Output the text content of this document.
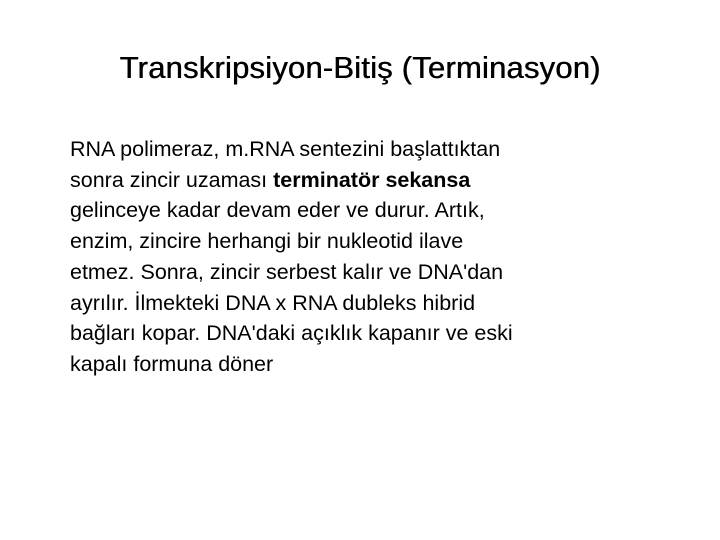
Transkripsiyon-Bitiş (Terminasyon)
RNA polimeraz, m.RNA sentezini başlattıktan
sonra zincir uzaması terminatör sekansa
gelinceye kadar devam eder ve durur. Artık,
enzim, zincire herhangi bir nukleotid ilave
etmez. Sonra, zincir serbest kalır ve DNA'dan
ayrılır. İlmekteki DNA x RNA dubleks hibrid
bağları kopar. DNA'daki açıklık kapanır ve eski
kapalı formuna döner
